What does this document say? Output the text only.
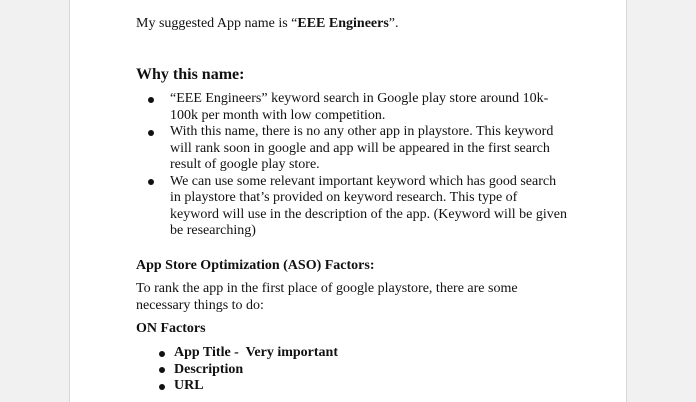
My suggested App name is “EEE Engineers”.
Why this name:
“EEE Engineers” keyword search in Google play store around 10k-100k per month with low competition.
With this name, there is no any other app in playstore. This keyword will rank soon in google and app will be appeared in the first search result of google play store.
We can use some relevant important keyword which has good search in playstore that’s provided on keyword research. This type of keyword will use in the description of the app. (Keyword will be given be researching)
App Store Optimization (ASO) Factors:
To rank the app in the first place of google playstore, there are some necessary things to do:
ON Factors
App Title -  Very important
Description
URL
